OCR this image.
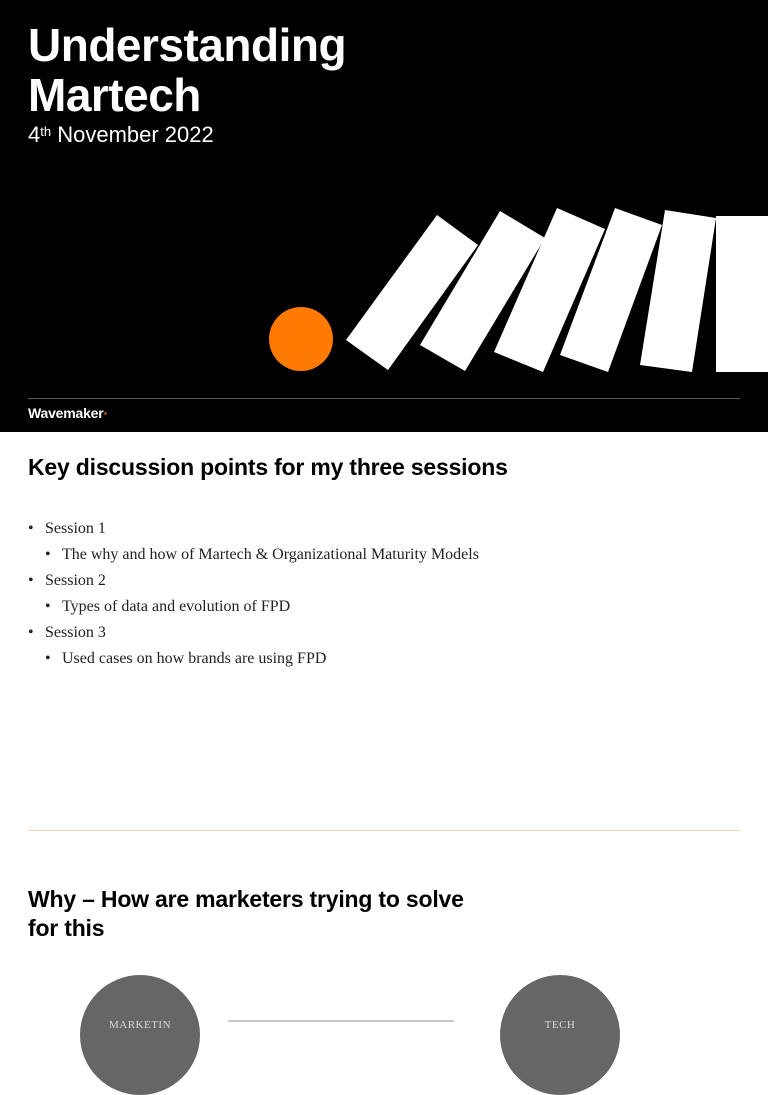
Understanding
Martech
4th November 2022
Wavemaker·
Key discussion points for my three sessions
• Session 1
• The why and how of Martech & Organizational Maturity Models
• Session 2
• Types of data and evolution of FPD
• Session 3
• Used cases on how brands are using FPD
Why – How are marketers trying to solve
for this
MARKETIN	TECH
